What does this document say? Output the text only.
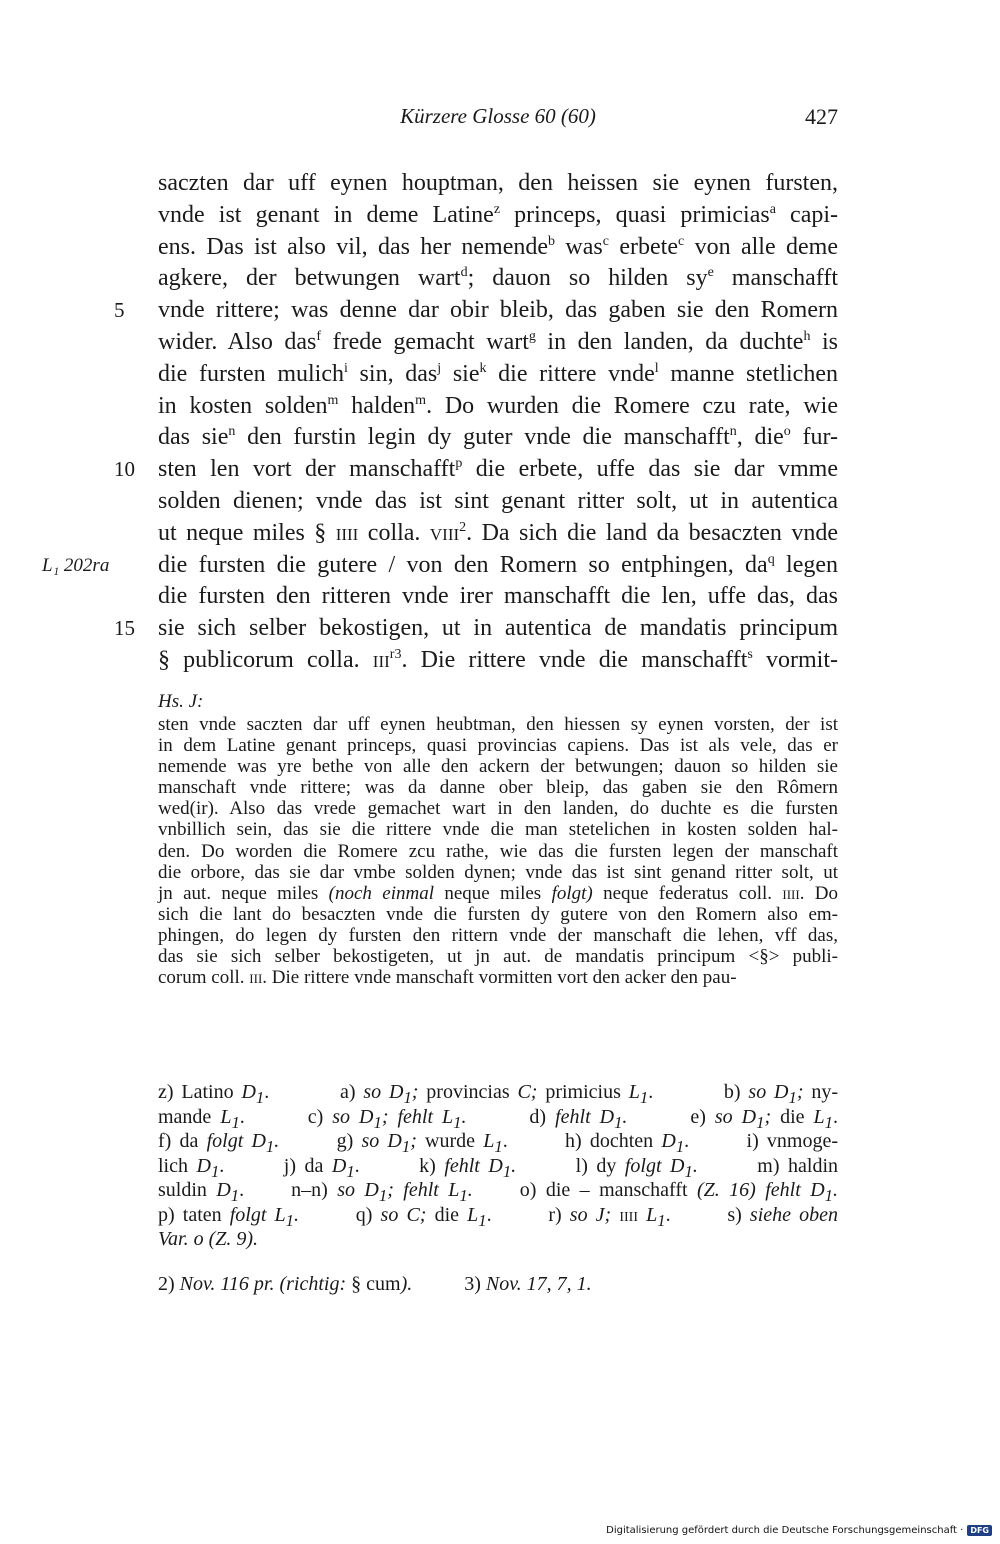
Kürzere Glosse 60 (60)	427
saczten dar uff eynen houptman, den heissen sie eynen fursten,
vnde ist genant in deme Latine$^z$ princeps, quasi primicias$^a$ capi-
ens. Das ist also vil, das her nemende$^b$ was$^c$ erbete$^c$ von alle deme
agkere, der betwungen wart$^d$; dauon so hilden $sy^e$ manschafft
5 vnde rittere; was denne dar obir bleib, das gaben sie den Romern
wider. Also das$^f$ frede gemacht wart$^g$ in den landen, da duchte$^h$ is
die fursten mulich$^i$ sin, das$^j$ sie$^k$ die rittere vnde$^l$ manne stetlichen
in kosten solden$^m$ halden$^m$. Do wurden die Romere czu rate, wie
das sie$^n$ den furstin legin dy guter vnde die manschafft$^n$, die$^o$ fur-
10 sten len vort der manschafft$^p$ die erbete, uffe das sie dar vmme
solden dienen; vnde das ist sint genant ritter solt, ut in autentica
ut neque miles § iiii colla. viii$^2$. Da sich die land da besaczten vnde
L₁ 202ra die fursten die gutere / von den Romern so entphingen, $da^q$ legen
die fursten den ritteren vnde irer manschafft die len, uffe das, das
15 sie sich selber bekostigen, ut in autentica de mandatis principum
§ publicorum colla. iii$^{r3}$. Die rittere vnde die manschafft$^s$ vormit-
Hs. J:
sten vnde saczten dar uff eynen heubtman, den hiessen sy eynen vorsten, der ist
in dem Latine genant princeps, quasi provincias capiens. Das ist als vele, das er
nemende was yre bethe von alle den ackern der betwungen; dauon so hilden sie
manschaft vnde rittere; was da danne ober bleip, das gaben sie den Rômern
wed(ir). Also das vrede gemachet wart in den landen, do duchte es die fursten
vnbillich sein, das sie die rittere vnde die man stetelichen in kosten solden hal-
den. Do worden die Romere zcu rathe, wie das die fursten legen der manschaft
die orbore, das sie dar vmbe solden dynen; vnde das ist sint genand ritter solt, ut
jn aut. neque miles (noch einmal neque miles folgt) neque federatus coll. iiii. Do
sich die lant do besaczten vnde die fursten dy gutere von den Romern also em-
phingen, do legen dy fursten den rittern vnde der manschaft die lehen, vff das,
das sie sich selber bekostigeten, ut jn aut. de mandatis principum <§> publi-
corum coll. iii. Die rittere vnde manschaft vormitten vort den acker den pau-
z) Latino $D_1$.         a) so $D_1$; provincias C; primicius $L_1$.         b) so $D_1$; ny-
mande $L_1$.       c) so $D_1$; fehlt $L_1$.       d) fehlt $D_1$.       e) so $D_1$; die $L_1$.
f) da folgt $D_1$.       g) so $D_1$; wurde $L_1$.       h) dochten $D_1$.       i) vnmoge-
lich $D_1$.       j) da $D_1$.       k) fehlt $D_1$.       l) dy folgt $D_1$.       m) haldin
suldin $D_1$.     n–n) so $D_1$; fehlt $L_1$.     o) die – manschafft (Z. 16) fehlt $D_1$.
p) taten folgt $L_1$.       q) so C; die $L_1$.       r) so J; iiii $L_1$.       s) siehe oben
Var. o (Z. 9).
2) Nov. 116 pr. (richtig: § cum).	3) Nov. 17, 7, 1.
Digitalisierung gefördert durch die Deutsche Forschungsgemeinschaft · DFG
